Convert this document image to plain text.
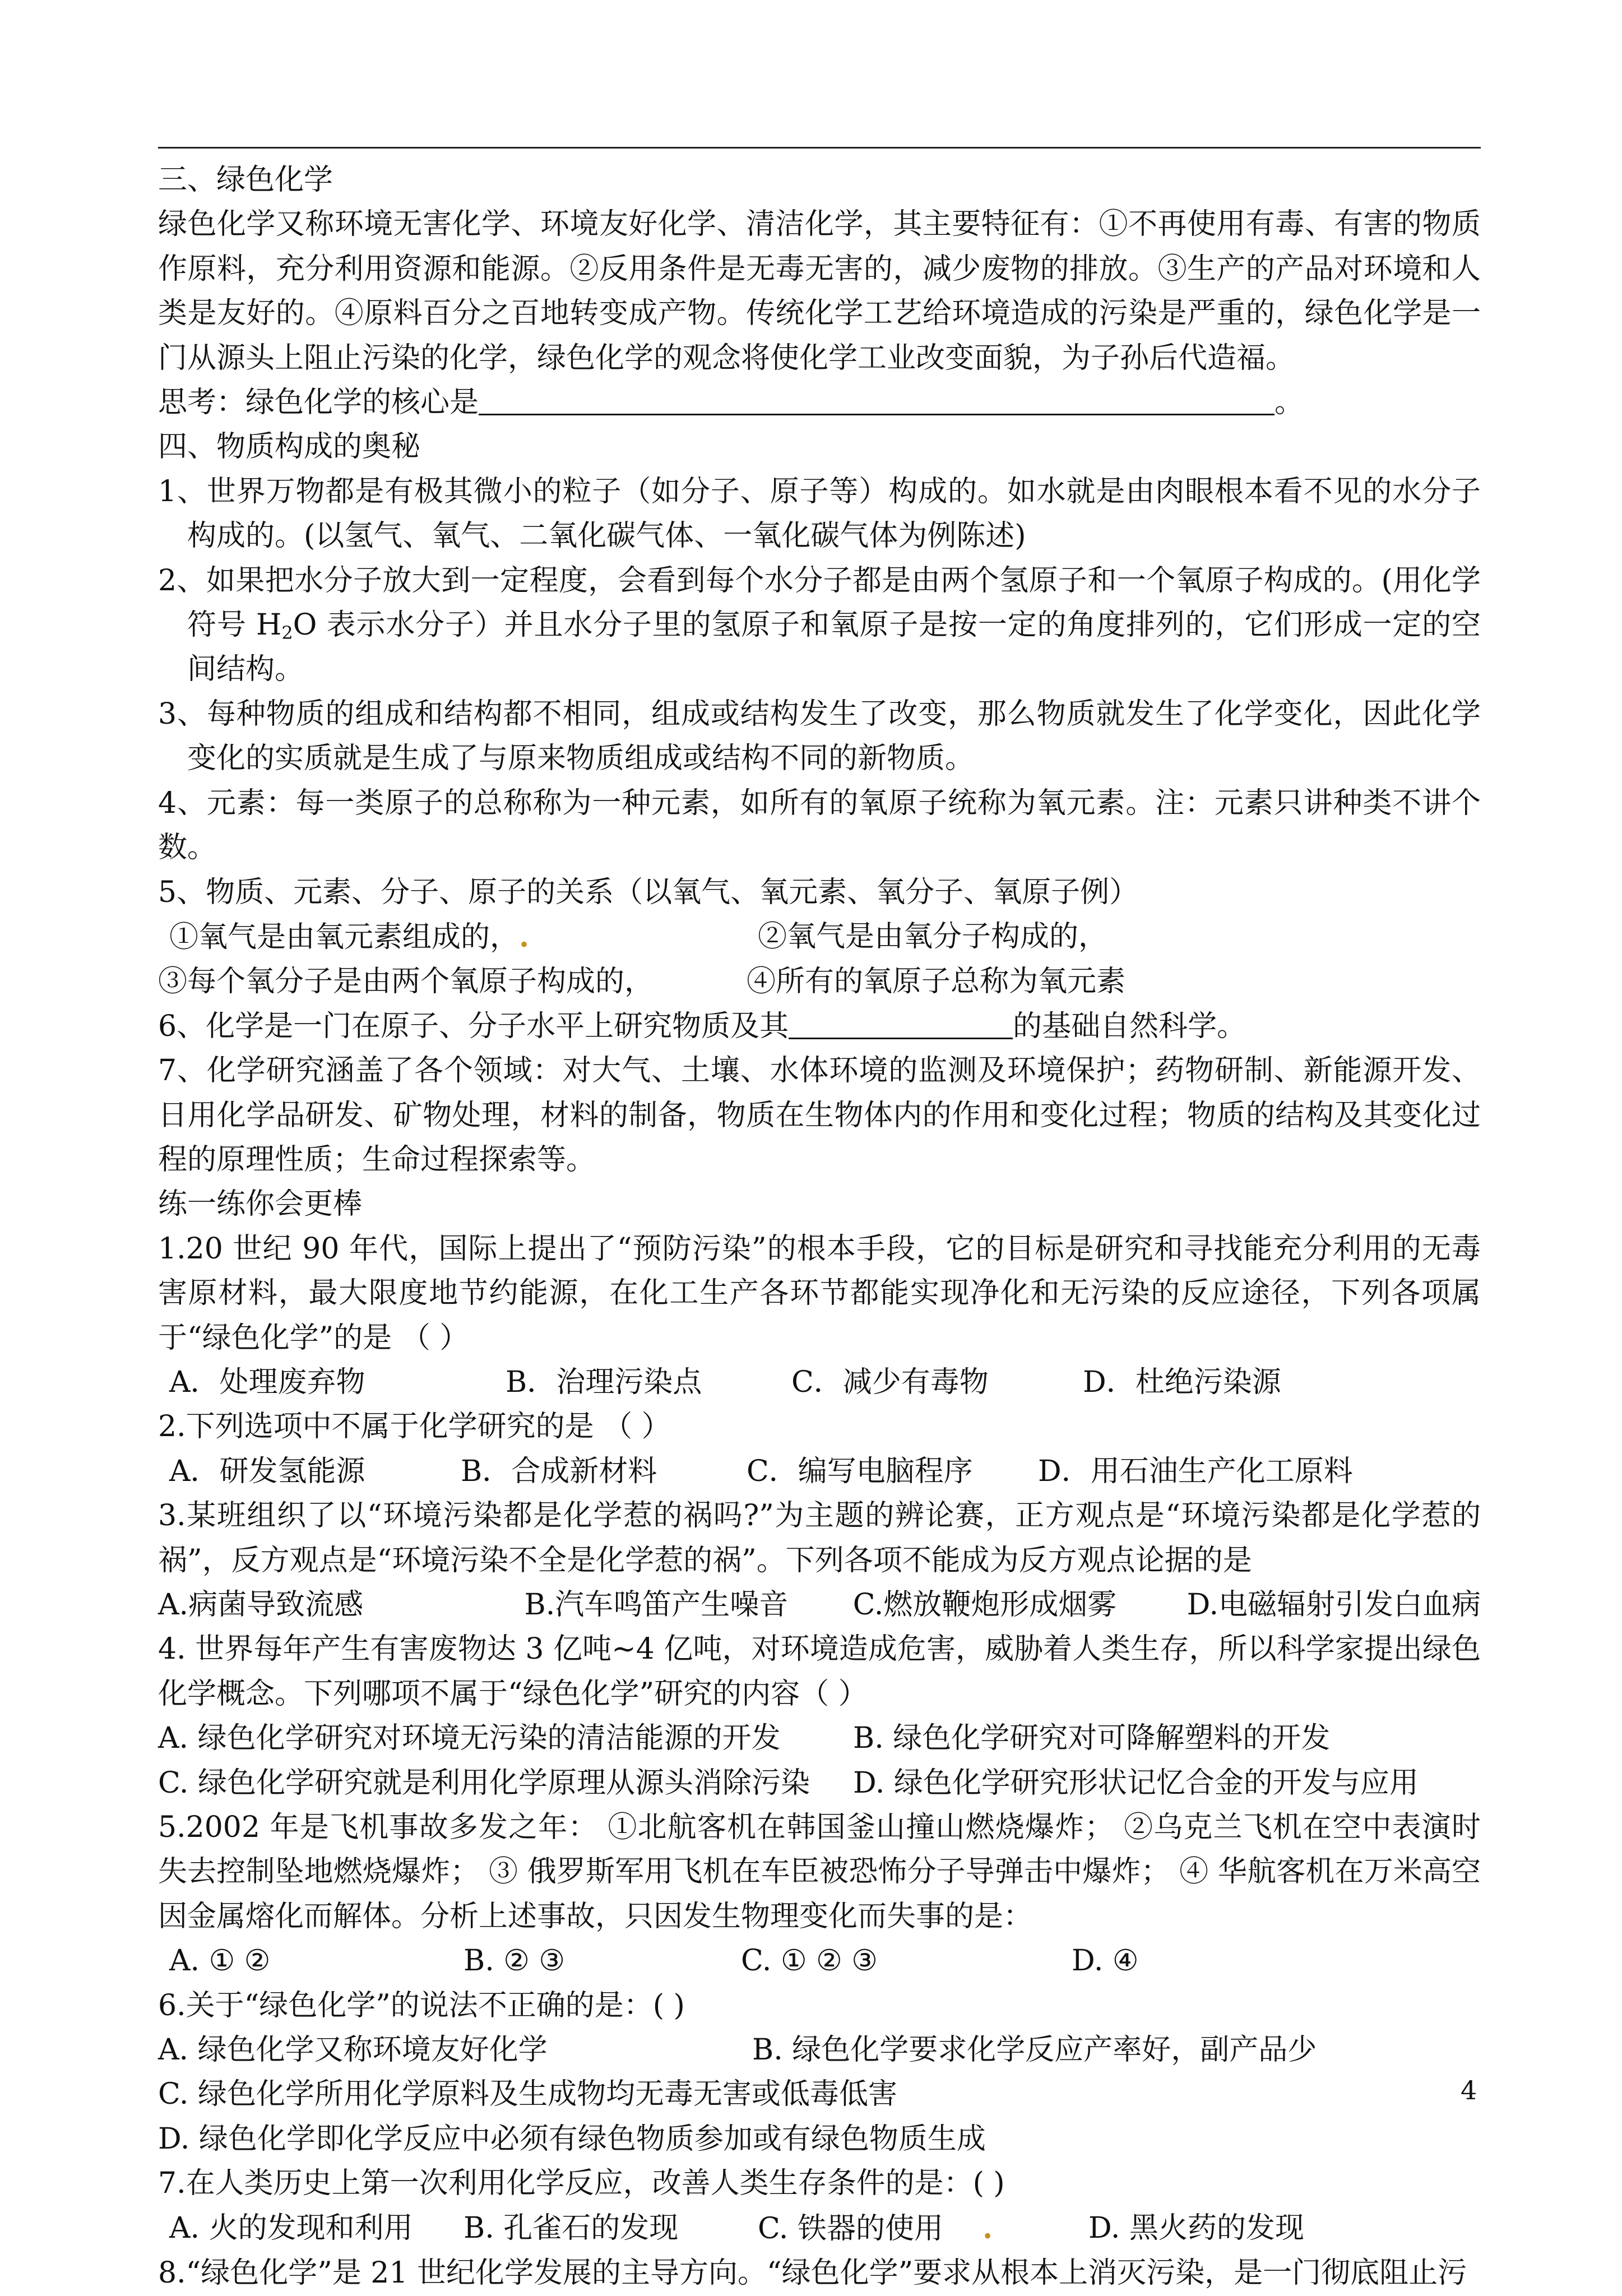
三、绿色化学

绿色化学又称环境无害化学、环境友好化学、清洁化学，其主要特征有：①不再使用有毒、有害的物质作原料，充分利用资源和能源。②反用条件是无毒无害的，减少废物的排放。③生产的产品对环境和人类是友好的。④原料百分之百地转变成产物。传统化学工艺给环境造成的污染是严重的，绿色化学是一门从源头上阻止污染的化学，绿色化学的观念将使化学工业改变面貌，为子孙后代造福。

思考：绿色化学的核心是	。

四、物质构成的奥秘

1、世界万物都是有极其微小的粒子（如分子、原子等）构成的。如水就是由肉眼根本看不见的水分子构成的。(以氢气、氧气、二氧化碳气体、一氧化碳气体为例陈述)

2、如果把水分子放大到一定程度，会看到每个水分子都是由两个氢原子和一个氧原子构成的。(用化学符号 $H_2O$ 表示水分子）并且水分子里的氢原子和氧原子是按一定的角度排列的，它们形成一定的空间结构。

3、每种物质的组成和结构都不相同，组成或结构发生了改变，那么物质就发生了化学变化，因此化学变化的实质就是生成了与原来物质组成或结构不同的新物质。

4、元素：每一类原子的总称称为一种元素，如所有的氧原子统称为氧元素。注：元素只讲种类不讲个数。

5、物质、元素、分子、原子的关系（以氧气、氧元素、氧分子、氧原子例）

①氧气是由氧元素组成的，.	②氧气是由氧分子构成的，
③每个氧分子是由两个氧原子构成的，	④所有的氧原子总称为氧元素

6、化学是一门在原子、分子水平上研究物质及其	的基础自然科学。

7、化学研究涵盖了各个领域：对大气、土壤、水体环境的监测及环境保护；药物研制、新能源开发、日用化学品研发、矿物处理，材料的制备，物质在生物体内的作用和变化过程；物质的结构及其变化过程的原理性质；生命过程探索等。

练一练你会更棒

1.20 世纪 90 年代，国际上提出了“预防污染”的根本手段，它的目标是研究和寻找能充分利用的无毒害原材料，最大限度地节约能源，在化工生产各环节都能实现净化和无污染的反应途径，下列各项属于“绿色化学”的是 （ ）

A．处理废弃物	B．治理污染点	C．减少有毒物	D．杜绝污染源

2.下列选项中不属于化学研究的是 （ ）

A．研发氢能源	B．合成新材料	C．编写电脑程序	D．用石油生产化工原料

3.某班组织了以“环境污染都是化学惹的祸吗?”为主题的辨论赛，正方观点是“环境污染都是化学惹的祸”，反方观点是“环境污染不全是化学惹的祸”。下列各项不能成为反方观点论据的是

A.病菌导致流感	B.汽车鸣笛产生噪音	C.燃放鞭炮形成烟雾	D.电磁辐射引发白血病

4. 世界每年产生有害废物达 3 亿吨~4 亿吨，对环境造成危害，威胁着人类生存，所以科学家提出绿色化学概念。下列哪项不属于“绿色化学”研究的内容（ ）

A. 绿色化学研究对环境无污染的清洁能源的开发	B. 绿色化学研究对可降解塑料的开发
C. 绿色化学研究就是利用化学原理从源头消除污染	D. 绿色化学研究形状记忆合金的开发与应用

5.2002 年是飞机事故多发之年： ①北航客机在韩国釜山撞山燃烧爆炸； ②乌克兰飞机在空中表演时失去控制坠地燃烧爆炸； ③ 俄罗斯军用飞机在车臣被恐怖分子导弹击中爆炸； ④ 华航客机在万米高空因金属熔化而解体。分析上述事故，只因发生物理变化而失事的是：

A. ① ②	B. ② ③	C. ① ② ③	D. ④

6.关于“绿色化学”的说法不正确的是：( )

A. 绿色化学又称环境友好化学	B. 绿色化学要求化学反应产率好，副产品少

C. 绿色化学所用化学原料及生成物均无毒无害或低毒低害

D. 绿色化学即化学反应中必须有绿色物质参加或有绿色物质生成

7.在人类历史上第一次利用化学反应，改善人类生存条件的是：( )

A. 火的发现和利用	B. 孔雀石的发现	C. 铁器的使用 .	D. 黑火药的发现

8.“绿色化学”是 21 世纪化学发展的主导方向。“绿色化学”要求从根本上消灭污染，是一门彻底阻止污

4
